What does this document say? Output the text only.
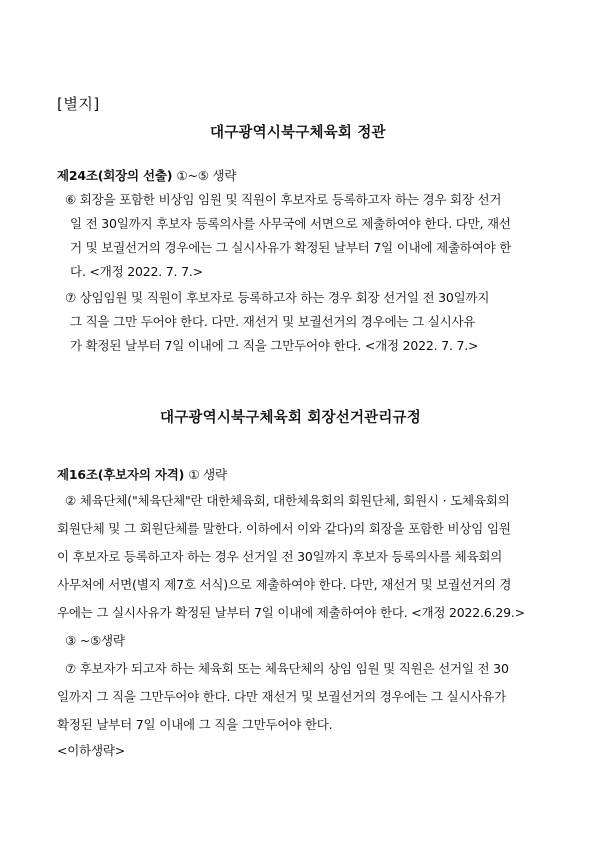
[별지]
대구광역시북구체육회 정관
제24조(회장의 선출) ①~⑤ 생략
⑥ 회장을 포함한 비상임 임원 및 직원이 후보자로 등록하고자 하는 경우 회장 선거
일 전 30일까지 후보자 등록의사를 사무국에 서면으로 제출하여야 한다. 다만, 재선
거 및 보궐선거의 경우에는 그 실시사유가 확정된 날부터 7일 이내에 제출하여야 한
다. <개정 2022. 7. 7.>
⑦ 상임임원 및 직원이 후보자로 등록하고자 하는 경우 회장 선거일 전 30일까지
그 직을 그만 두어야 한다. 다만. 재선거 및 보궐선거의 경우에는 그 실시사유
가 확정된 날부터 7일 이내에 그 직을 그만두어야 한다. <개정 2022. 7. 7.>
대구광역시북구체육회 회장선거관리규정
제16조(후보자의 자격) ① 생략
② 체육단체("체육단체"란 대한체육회, 대한체육회의 회원단체, 회원시 · 도체육회의
회원단체 및 그 회원단체를 말한다. 이하에서 이와 같다)의 회장을 포함한 비상임 임원
이 후보자로 등록하고자 하는 경우 선거일 전 30일까지 후보자 등록의사를 체육회의
사무처에 서면(별지 제7호 서식)으로 제출하여야 한다. 다만, 재선거 및 보궐선거의 경
우에는 그 실시사유가 확정된 날부터 7일 이내에 제출하여야 한다. <개정 2022.6.29.>
③ ~⑤생략
⑦ 후보자가 되고자 하는 체육회 또는 체육단체의 상임 임원 및 직원은 선거일 전 30
일까지 그 직을 그만두어야 한다. 다만 재선거 및 보궐선거의 경우에는 그 실시사유가
확정된 날부터 7일 이내에 그 직을 그만두어야 한다.
<이하생략>
